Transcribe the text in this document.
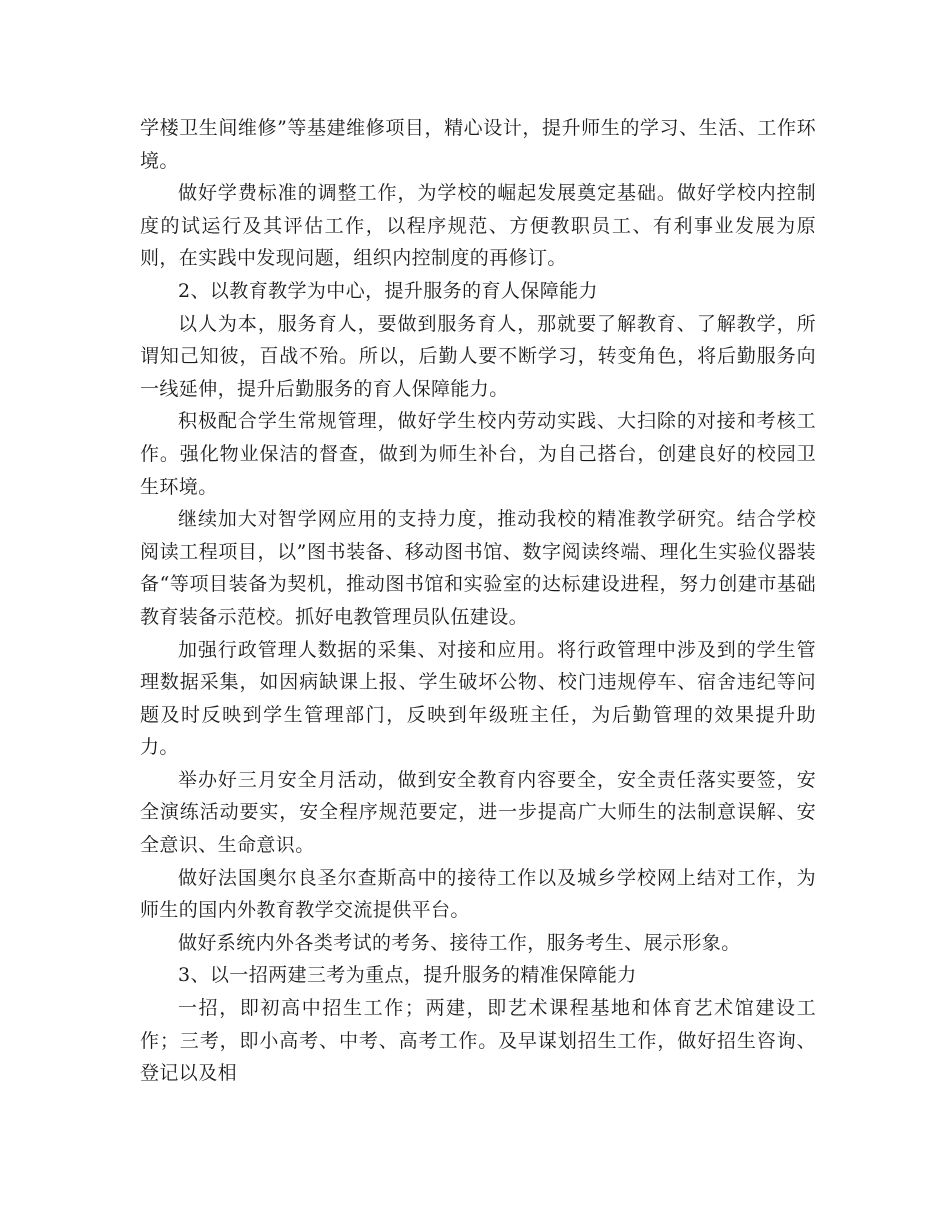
学楼卫生间维修”等基建维修项目，精心设计，提升师生的学习、生活、工作环境。

做好学费标准的调整工作，为学校的崛起发展奠定基础。做好学校内控制度的试运行及其评估工作，以程序规范、方便教职员工、有利事业发展为原则，在实践中发现问题，组织内控制度的再修订。

2、以教育教学为中心，提升服务的育人保障能力

以人为本，服务育人，要做到服务育人，那就要了解教育、了解教学，所谓知己知彼，百战不殆。所以，后勤人要不断学习，转变角色，将后勤服务向一线延伸，提升后勤服务的育人保障能力。

积极配合学生常规管理，做好学生校内劳动实践、大扫除的对接和考核工作。强化物业保洁的督查，做到为师生补台，为自己搭台，创建良好的校园卫生环境。

继续加大对智学网应用的支持力度，推动我校的精准教学研究。结合学校阅读工程项目，以”图书装备、移动图书馆、数字阅读终端、理化生实验仪器装备“等项目装备为契机，推动图书馆和实验室的达标建设进程，努力创建市基础教育装备示范校。抓好电教管理员队伍建设。

加强行政管理人数据的采集、对接和应用。将行政管理中涉及到的学生管理数据采集，如因病缺课上报、学生破坏公物、校门违规停车、宿舍违纪等问题及时反映到学生管理部门，反映到年级班主任，为后勤管理的效果提升助力。

举办好三月安全月活动，做到安全教育内容要全，安全责任落实要签，安全演练活动要实，安全程序规范要定，进一步提高广大师生的法制意误解、安全意识、生命意识。

做好法国奥尔良圣尔查斯高中的接待工作以及城乡学校网上结对工作，为师生的国内外教育教学交流提供平台。

做好系统内外各类考试的考务、接待工作，服务考生、展示形象。

3、以一招两建三考为重点，提升服务的精准保障能力

一招，即初高中招生工作；两建，即艺术课程基地和体育艺术馆建设工作；三考，即小高考、中考、高考工作。及早谋划招生工作，做好招生咨询、登记以及相
